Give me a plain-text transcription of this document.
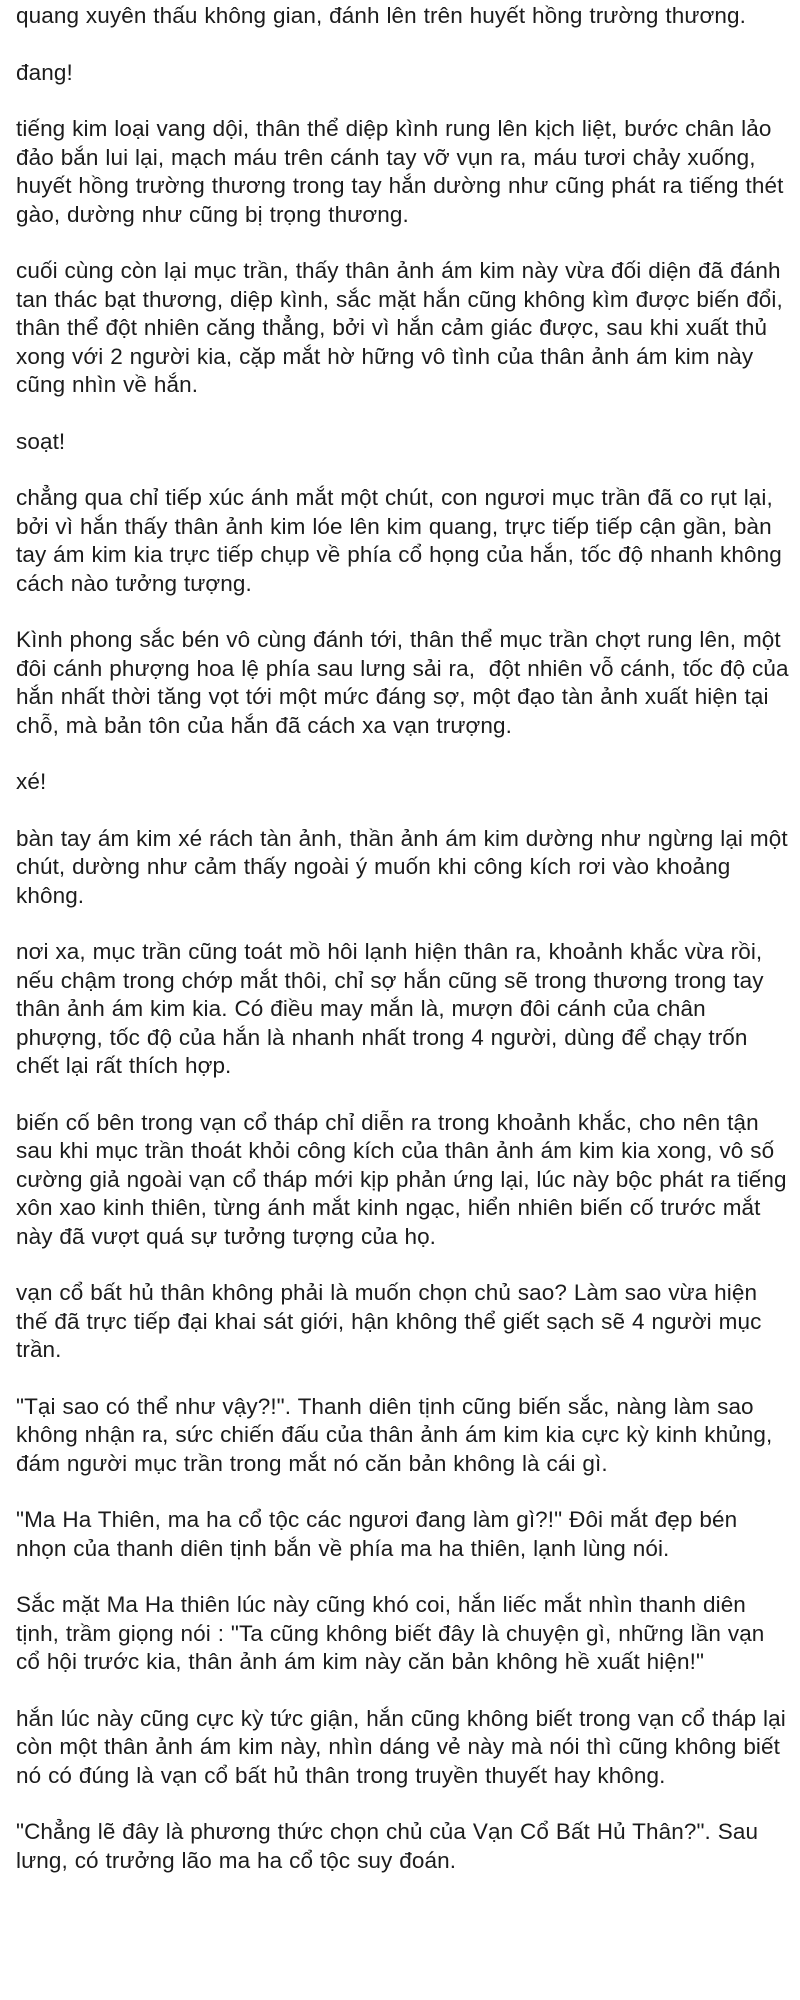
quang xuyên thấu không gian, đánh lên trên huyết hồng trường thương.

đang!

tiếng kim loại vang dội, thân thể diệp kình rung lên kịch liệt, bước chân lảo đảo bắn lui lại, mạch máu trên cánh tay vỡ vụn ra, máu tươi chảy xuống, huyết hồng trường thương trong tay hắn dường như cũng phát ra tiếng thét gào, dường như cũng bị trọng thương.

cuối cùng còn lại mục trần, thấy thân ảnh ám kim này vừa đối diện đã đánh tan thác bạt thương, diệp kình, sắc mặt hắn cũng không kìm được biến đổi, thân thể đột nhiên căng thẳng, bởi vì hắn cảm giác được, sau khi xuất thủ xong với 2 người kia, cặp mắt hờ hững vô tình của thân ảnh ám kim này cũng nhìn về hắn.

soạt!

chẳng qua chỉ tiếp xúc ánh mắt một chút, con ngươi mục trần đã co rụt lại, bởi vì hắn thấy thân ảnh kim lóe lên kim quang, trực tiếp tiếp cận gần, bàn tay ám kim kia trực tiếp chụp về phía cổ họng của hắn, tốc độ nhanh không cách nào tưởng tượng.

Kình phong sắc bén vô cùng đánh tới, thân thể mục trần chợt rung lên, một đôi cánh phượng hoa lệ phía sau lưng sải ra,  đột nhiên vỗ cánh, tốc độ của hắn nhất thời tăng vọt tới một mức đáng sợ, một đạo tàn ảnh xuất hiện tại chỗ, mà bản tôn của hắn đã cách xa vạn trượng.

xé!

bàn tay ám kim xé rách tàn ảnh, thần ảnh ám kim dường như ngừng lại một chút, dường như cảm thấy ngoài ý muốn khi công kích rơi vào khoảng không.

nơi xa, mục trần cũng toát mồ hôi lạnh hiện thân ra, khoảnh khắc vừa rồi, nếu chậm trong chớp mắt thôi, chỉ sợ hắn cũng sẽ trong thương trong tay thân ảnh ám kim kia. Có điều may mắn là, mượn đôi cánh của chân phượng, tốc độ của hắn là nhanh nhất trong 4 người, dùng để chạy trốn chết lại rất thích hợp.

biến cố bên trong vạn cổ tháp chỉ diễn ra trong khoảnh khắc, cho nên tận sau khi mục trần thoát khỏi công kích của thân ảnh ám kim kia xong, vô số cường giả ngoài vạn cổ tháp mới kịp phản ứng lại, lúc này bộc phát ra tiếng xôn xao kinh thiên, từng ánh mắt kinh ngạc, hiển nhiên biến cố trước mắt này đã vượt quá sự tưởng tượng của họ.

vạn cổ bất hủ thân không phải là muốn chọn chủ sao? Làm sao vừa hiện thế đã trực tiếp đại khai sát giới, hận không thể giết sạch sẽ 4 người mục trần.

"Tại sao có thể như vậy?!". Thanh diên tịnh cũng biến sắc, nàng làm sao không nhận ra, sức chiến đấu của thân ảnh ám kim kia cực kỳ kinh khủng, đám người mục trần trong mắt nó căn bản không là cái gì.

"Ma Ha Thiên, ma ha cổ tộc các ngươi đang làm gì?!" Đôi mắt đẹp bén nhọn của thanh diên tịnh bắn về phía ma ha thiên, lạnh lùng nói.

Sắc mặt Ma Ha thiên lúc này cũng khó coi, hắn liếc mắt nhìn thanh diên tịnh, trầm giọng nói : "Ta cũng không biết đây là chuyện gì, những lần vạn cổ hội trước kia, thân ảnh ám kim này căn bản không hề xuất hiện!"

hắn lúc này cũng cực kỳ tức giận, hắn cũng không biết trong vạn cổ tháp lại còn một thân ảnh ám kim này, nhìn dáng vẻ này mà nói thì cũng không biết nó có đúng là vạn cổ bất hủ thân trong truyền thuyết hay không.

"Chẳng lẽ đây là phương thức chọn chủ của Vạn Cổ Bất Hủ Thân?". Sau lưng, có trưởng lão ma ha cổ tộc suy đoán.
